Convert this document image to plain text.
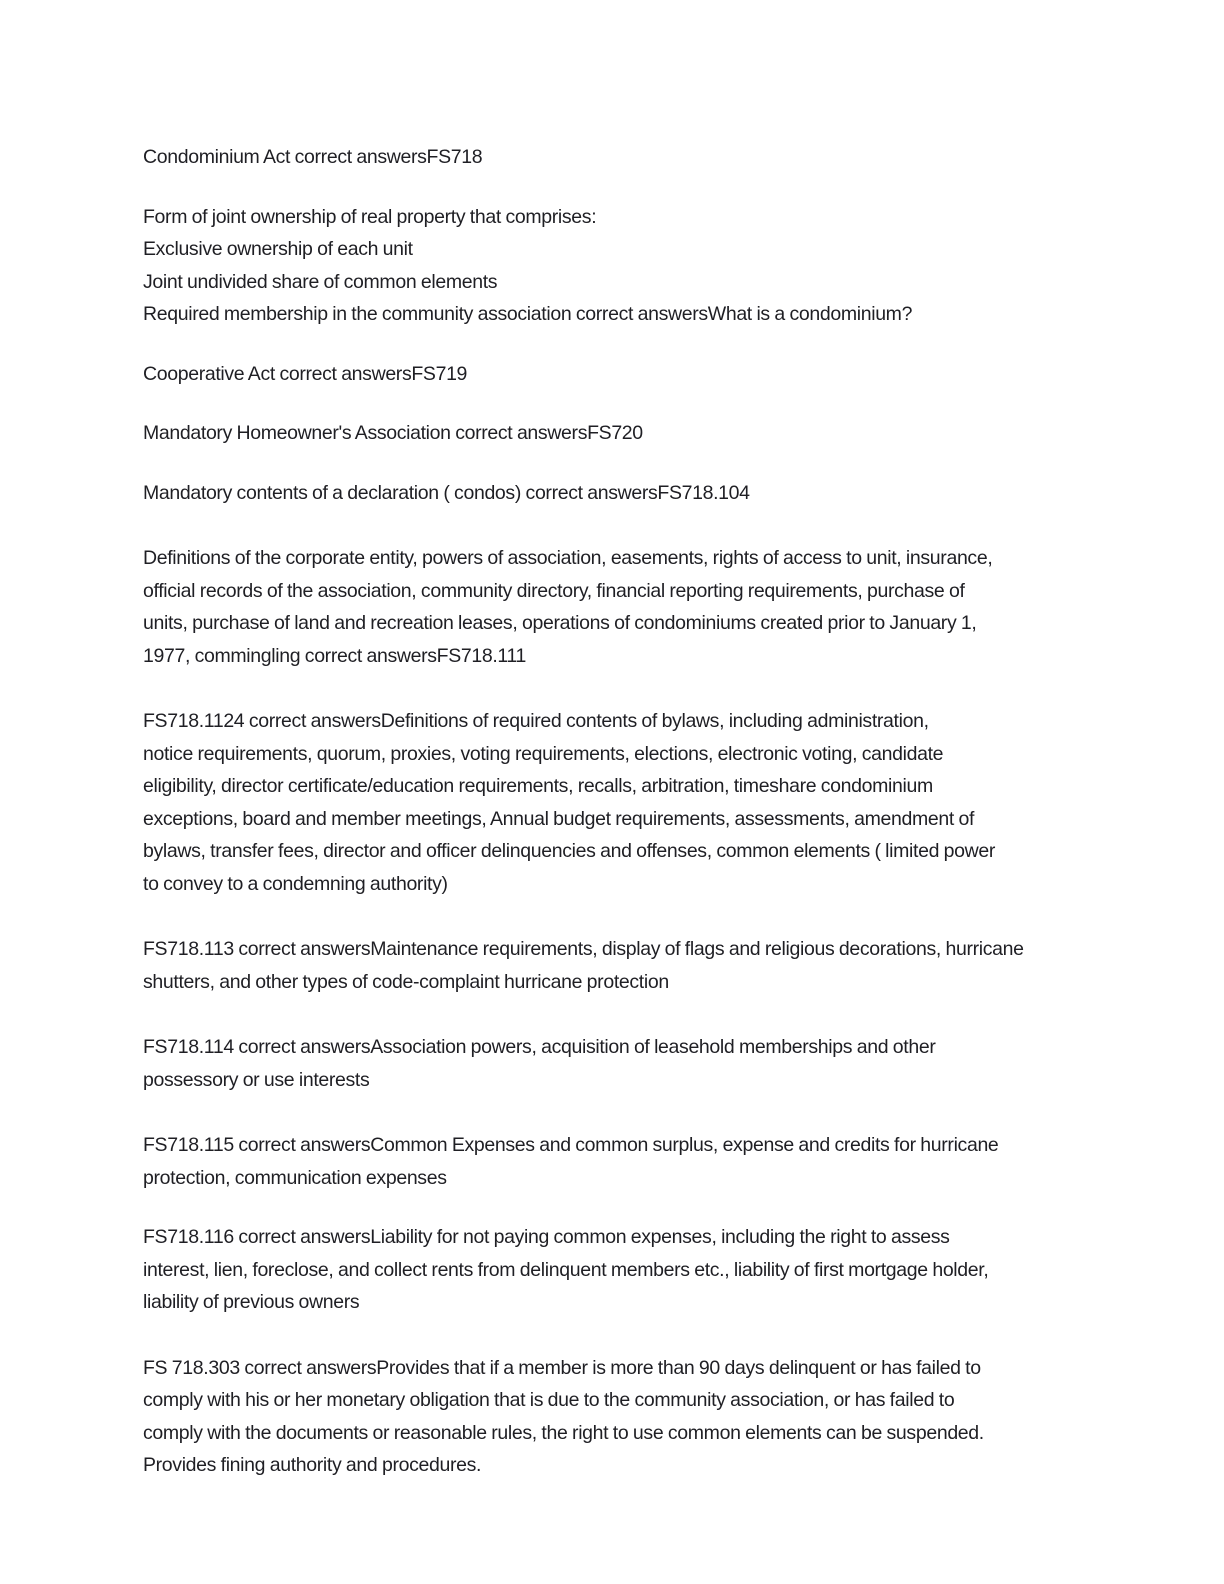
Condominium Act correct answersFS718

Form of joint ownership of real property that comprises:
Exclusive ownership of each unit
Joint undivided share of common elements
Required membership in the community association correct answersWhat is a condominium?

Cooperative Act correct answersFS719

Mandatory Homeowner's Association correct answersFS720

Mandatory contents of a declaration ( condos) correct answersFS718.104

Definitions of the corporate entity, powers of association, easements, rights of access to unit, insurance,
official records of the association, community directory, financial reporting requirements, purchase of
units, purchase of land and recreation leases, operations of condominiums created prior to January 1,
1977, commingling correct answersFS718.111

FS718.1124 correct answersDefinitions of required contents of bylaws, including administration,
notice requirements, quorum, proxies, voting requirements, elections, electronic voting, candidate
eligibility, director certificate/education requirements, recalls, arbitration, timeshare condominium
exceptions, board and member meetings, Annual budget requirements, assessments, amendment of
bylaws, transfer fees, director and officer delinquencies and offenses, common elements ( limited power
to convey to a condemning authority)

FS718.113 correct answersMaintenance requirements, display of flags and religious decorations, hurricane
shutters, and other types of code-complaint hurricane protection

FS718.114 correct answersAssociation powers, acquisition of leasehold memberships and other
possessory or use interests

FS718.115 correct answersCommon Expenses and common surplus, expense and credits for hurricane
protection, communication expenses

FS718.116 correct answersLiability for not paying common expenses, including the right to assess
interest, lien, foreclose, and collect rents from delinquent members etc., liability of first mortgage holder,
liability of previous owners

FS 718.303 correct answersProvides that if a member is more than 90 days delinquent or has failed to
comply with his or her monetary obligation that is due to the community association, or has failed to
comply with the documents or reasonable rules, the right to use common elements can be suspended.
Provides fining authority and procedures.
